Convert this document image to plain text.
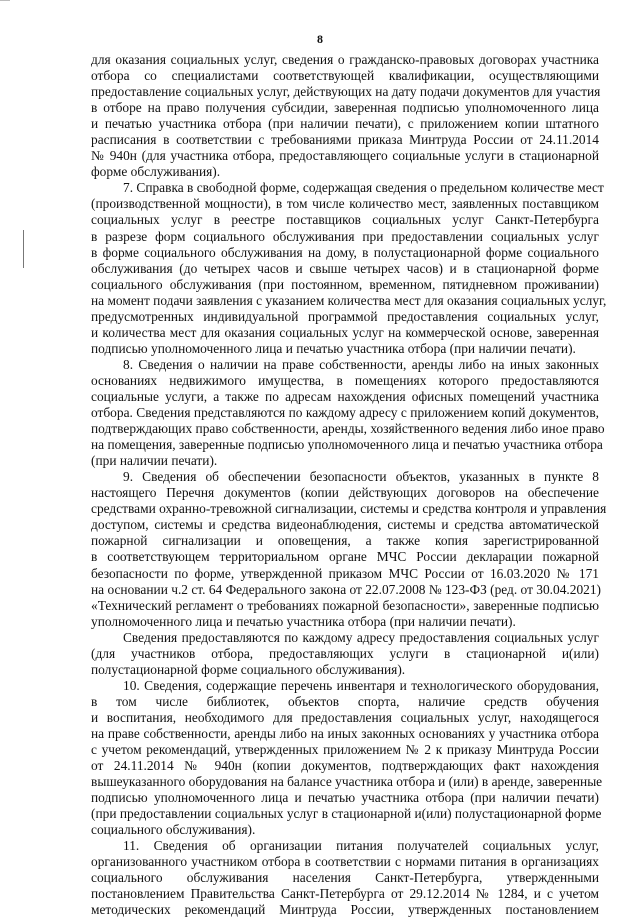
8
для оказания социальных услуг, сведения о гражданско-правовых договорах участника
отбора со специалистами соответствующей квалификации, осуществляющими
предоставление социальных услуг, действующих на дату подачи документов для участия
в отборе на право получения субсидии, заверенная подписью уполномоченного лица
и печатью участника отбора (при наличии печати), с приложением копии штатного
расписания в соответствии с требованиями приказа Минтруда России от 24.11.2014
№ 940н (для участника отбора, предоставляющего социальные услуги в стационарной
форме обслуживания).
7. Справка в свободной форме, содержащая сведения о предельном количестве мест
(производственной мощности), в том числе количество мест, заявленных поставщиком
социальных услуг в реестре поставщиков социальных услуг Санкт-Петербурга
в разрезе форм социального обслуживания при предоставлении социальных услуг
в форме социального обслуживания на дому, в полустационарной форме социального
обслуживания (до четырех часов и свыше четырех часов) и в стационарной форме
социального обслуживания (при постоянном, временном, пятидневном проживании)
на момент подачи заявления с указанием количества мест для оказания социальных услуг,
предусмотренных индивидуальной программой предоставления социальных услуг,
и количества мест для оказания социальных услуг на коммерческой основе, заверенная
подписью уполномоченного лица и печатью участника отбора (при наличии печати).
8. Сведения о наличии на праве собственности, аренды либо на иных законных
основаниях недвижимого имущества, в помещениях которого предоставляются
социальные услуги, а также по адресам нахождения офисных помещений участника
отбора. Сведения представляются по каждому адресу с приложением копий документов,
подтверждающих право собственности, аренды, хозяйственного ведения либо иное право
на помещения, заверенные подписью уполномоченного лица и печатью участника отбора
(при наличии печати).
9. Сведения об обеспечении безопасности объектов, указанных в пункте 8
настоящего Перечня документов (копии действующих договоров на обеспечение
средствами охранно-тревожной сигнализации, системы и средства контроля и управления
доступом, системы и средства видеонаблюдения, системы и средства автоматической
пожарной сигнализации и оповещения, а также копия зарегистрированной
в соответствующем территориальном органе МЧС России декларации пожарной
безопасности по форме, утвержденной приказом МЧС России от 16.03.2020 № 171
на основании ч.2 ст. 64 Федерального закона от 22.07.2008 № 123-ФЗ (ред. от 30.04.2021)
«Технический регламент о требованиях пожарной безопасности», заверенные подписью
уполномоченного лица и печатью участника отбора (при наличии печати).
Сведения предоставляются по каждому адресу предоставления социальных услуг
(для участников отбора, предоставляющих услуги в стационарной и(или)
полустационарной форме социального обслуживания).
10. Сведения, содержащие перечень инвентаря и технологического оборудования,
в том числе библиотек, объектов спорта, наличие средств обучения
и воспитания, необходимого для предоставления социальных услуг, находящегося
на праве собственности, аренды либо на иных законных основаниях у участника отбора
с учетом рекомендаций, утвержденных приложением № 2 к приказу Минтруда России
от 24.11.2014 № 940н (копии документов, подтверждающих факт нахождения
вышеуказанного оборудования на балансе участника отбора и (или) в аренде, заверенные
подписью уполномоченного лица и печатью участника отбора (при наличии печати)
(при предоставлении социальных услуг в стационарной и(или) полустационарной форме
социального обслуживания).
11. Сведения об организации питания получателей социальных услуг,
организованного участником отбора в соответствии с нормами питания в организациях
социального обслуживания населения Санкт-Петербурга, утвержденными
постановлением Правительства Санкт-Петербурга от 29.12.2014 № 1284, и с учетом
методических рекомендаций Минтруда России, утвержденных постановлением
